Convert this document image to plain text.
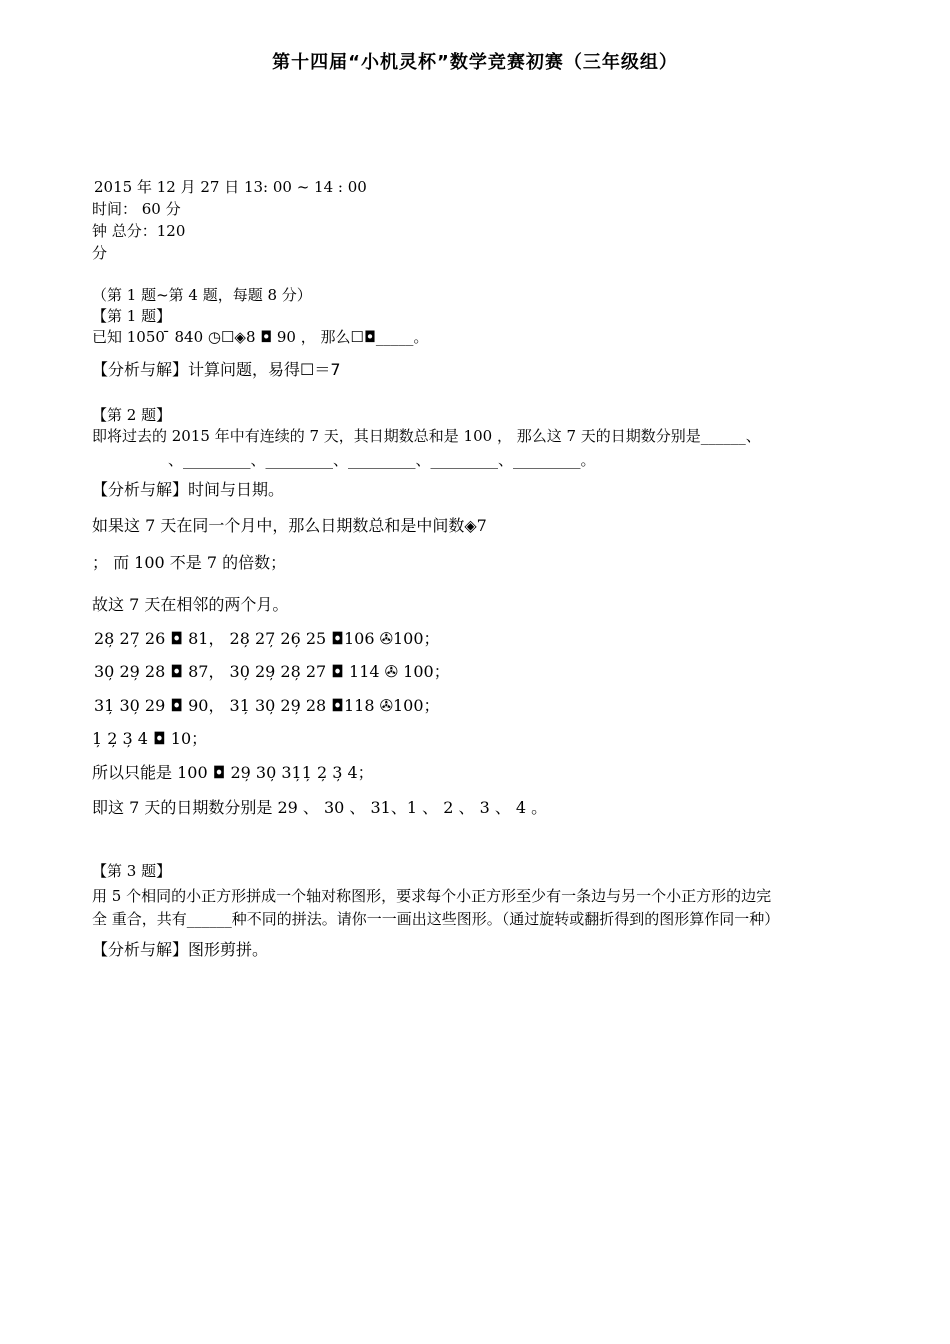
第十四届“小机灵杯”数学竞赛初赛（三年级组）
2015 年 12 月 27 日 13: 00 ~ 14 : 00
时间： 60 分
钟 总分：120
分
（第 1 题~第 4 题，每题 8 分）
【第 1 题】
已知 1050 ̄ 840 ◷☐◈8 ◘ 90 ， 那么☐◘_____。
【分析与解】计算问题，易得☐＝7
【第 2 题】
即将过去的 2015 年中有连续的 7 天，其日期数总和是 100 ， 那么这 7 天的日期数分别是______、
、_________、_________、_________、_________、_________。
【分析与解】时间与日期。
如果这 7 天在同一个月中，那么日期数总和是中间数◈7
； 而 100 不是 7 的倍数；
故这 7 天在相邻的两个月。
28̦ 27̦ 26 ◘ 81， 28̦ 27̦ 26̦ 25 ◘106 ✇100；
30̦ 29̦ 28 ◘ 87， 30̦ 29̦ 28̦ 27 ◘ 114 ✇ 100；
31̦ 30̦ 29 ◘ 90， 31̦ 30̦ 29̦ 28 ◘118 ✇100；
1̦ 2̦ 3̦ 4 ◘ 10；
所以只能是 100 ◘ 29̦ 30̦ 31̦1̦ 2̦ 3̦ 4；
即这 7 天的日期数分别是 29 、 30 、 31、1 、 2 、 3 、 4 。
【第 3 题】
用 5 个相同的小正方形拼成一个轴对称图形，要求每个小正方形至少有一条边与另一个小正方形的边完
全 重合，共有______种不同的拼法。请你一一画出这些图形。（通过旋转或翻折得到的图形算作同一种）
【分析与解】图形剪拼。
